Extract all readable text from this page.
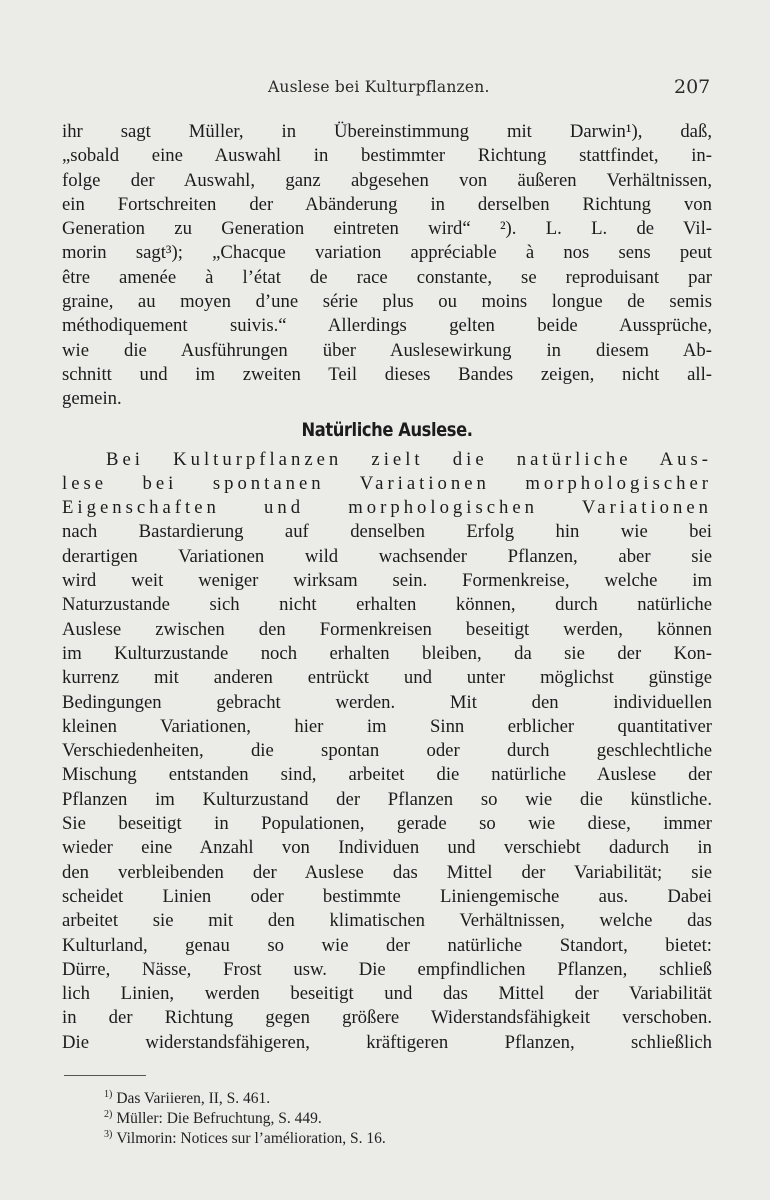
Auslese bei Kulturpflanzen.	207
ihr sagt Müller, in Übereinstimmung mit Darwin¹), daß,
„sobald eine Auswahl in bestimmter Richtung stattfindet, in-
folge der Auswahl, ganz abgesehen von äußeren Verhältnissen,
ein Fortschreiten der Abänderung in derselben Richtung von
Generation zu Generation eintreten wird“ ²). L. L. de Vil-
morin sagt³); „Chacque variation appréciable à nos sens peut
être amenée à l’état de race constante, se reproduisant par
graine, au moyen d’une série plus ou moins longue de semis
méthodiquement suivis.“ Allerdings gelten beide Aussprüche,
wie die Ausführungen über Auslesewirkung in diesem Ab-
schnitt und im zweiten Teil dieses Bandes zeigen, nicht all-
gemein.
Natürliche Auslese.
Bei Kulturpflanzen zielt die natürliche Aus-
lese bei spontanen Variationen morphologischer
Eigenschaften und morphologischen Variationen
nach Bastardierung auf denselben Erfolg hin wie bei
derartigen Variationen wild wachsender Pflanzen, aber sie
wird weit weniger wirksam sein. Formenkreise, welche im
Naturzustande sich nicht erhalten können, durch natürliche
Auslese zwischen den Formenkreisen beseitigt werden, können
im Kulturzustande noch erhalten bleiben, da sie der Kon-
kurrenz mit anderen entrückt und unter möglichst günstige
Bedingungen gebracht werden. Mit den individuellen
kleinen Variationen, hier im Sinn erblicher quantitativer
Verschiedenheiten, die spontan oder durch geschlechtliche
Mischung entstanden sind, arbeitet die natürliche Auslese der
Pflanzen im Kulturzustand der Pflanzen so wie die künstliche.
Sie beseitigt in Populationen, gerade so wie diese, immer
wieder eine Anzahl von Individuen und verschiebt dadurch in
den verbleibenden der Auslese das Mittel der Variabilität; sie
scheidet Linien oder bestimmte Liniengemische aus. Dabei
arbeitet sie mit den klimatischen Verhältnissen, welche das
Kulturland, genau so wie der natürliche Standort, bietet:
Dürre, Nässe, Frost usw. Die empfindlichen Pflanzen, schließ
lich Linien, werden beseitigt und das Mittel der Variabilität
in der Richtung gegen größere Widerstandsfähigkeit verschoben.
Die widerstandsfähigeren, kräftigeren Pflanzen, schließlich
$^{1)}$ Das Variieren, II, S. 461.
$^{2)}$ Müller: Die Befruchtung, S. 449.
$^{3)}$ Vilmorin: Notices sur l’amélioration, S. 16.
